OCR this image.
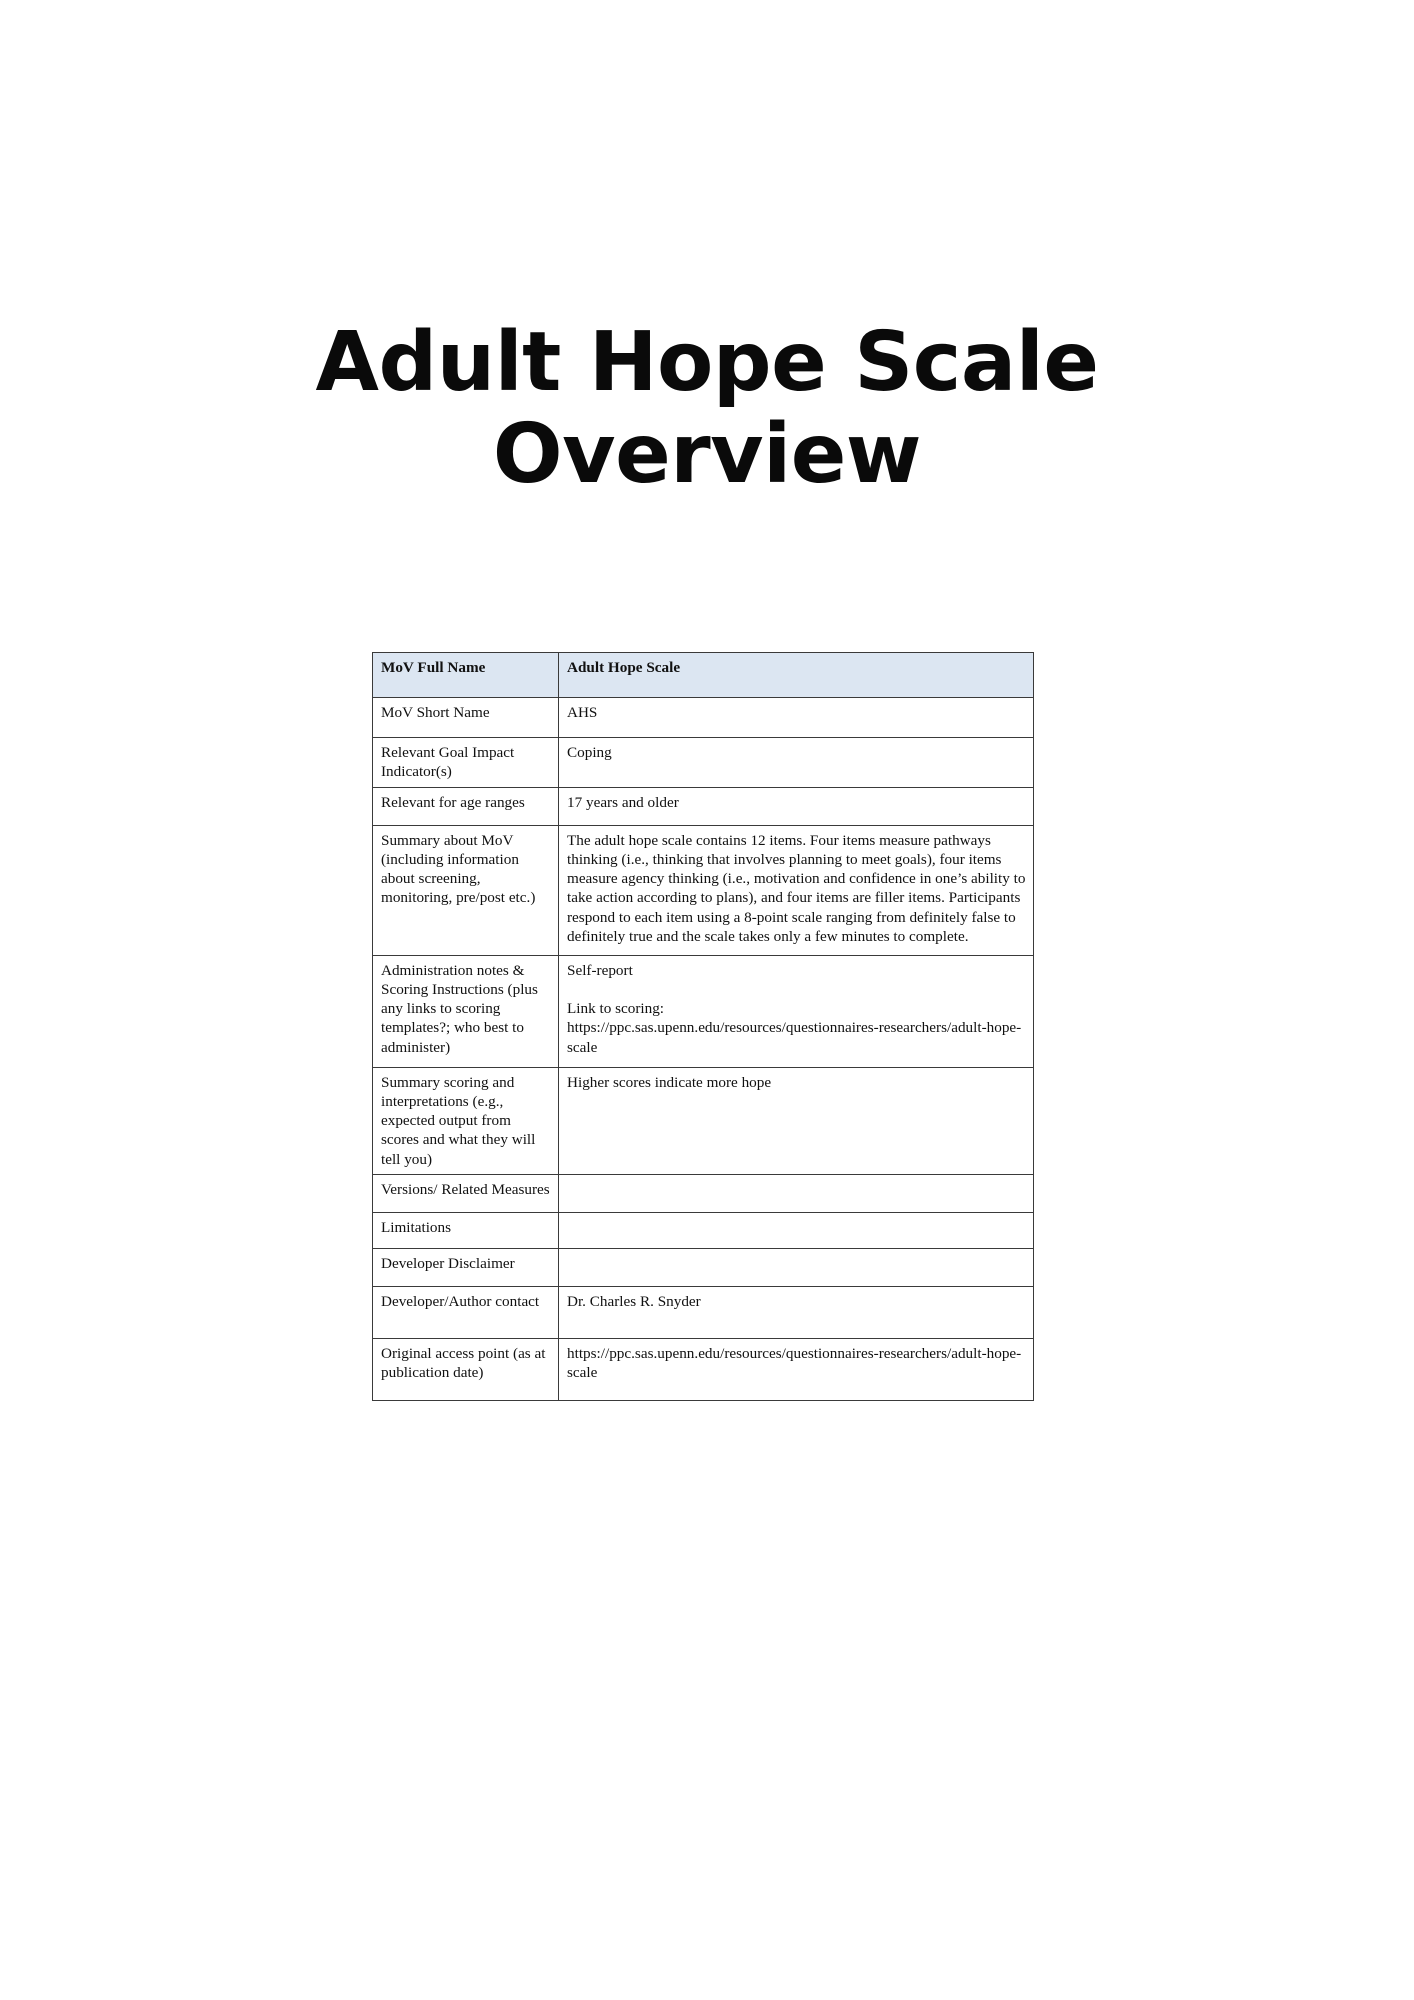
Adult Hope Scale
Overview
MoV Full Name	Adult Hope Scale
MoV Short Name	AHS
Relevant Goal Impact Indicator(s)	Coping
Relevant for age ranges	17 years and older
Summary about MoV (including information about screening, monitoring, pre/post etc.)	The adult hope scale contains 12 items. Four items measure pathways thinking (i.e., thinking that involves planning to meet goals), four items measure agency thinking (i.e., motivation and confidence in one’s ability to take action according to plans), and four items are filler items. Participants respond to each item using a 8-point scale ranging from definitely false to definitely true and the scale takes only a few minutes to complete.
Administration notes & Scoring Instructions (plus any links to scoring templates?; who best to administer)	Self-report
Link to scoring:
https://ppc.sas.upenn.edu/resources/questionnaires-researchers/adult-hope-scale
Summary scoring and interpretations (e.g., expected output from scores and what they will tell you)	Higher scores indicate more hope
Versions/ Related Measures	
Limitations	
Developer Disclaimer	
Developer/Author contact	Dr. Charles R. Snyder
Original access point (as at publication date)	https://ppc.sas.upenn.edu/resources/questionnaires-researchers/adult-hope-scale
